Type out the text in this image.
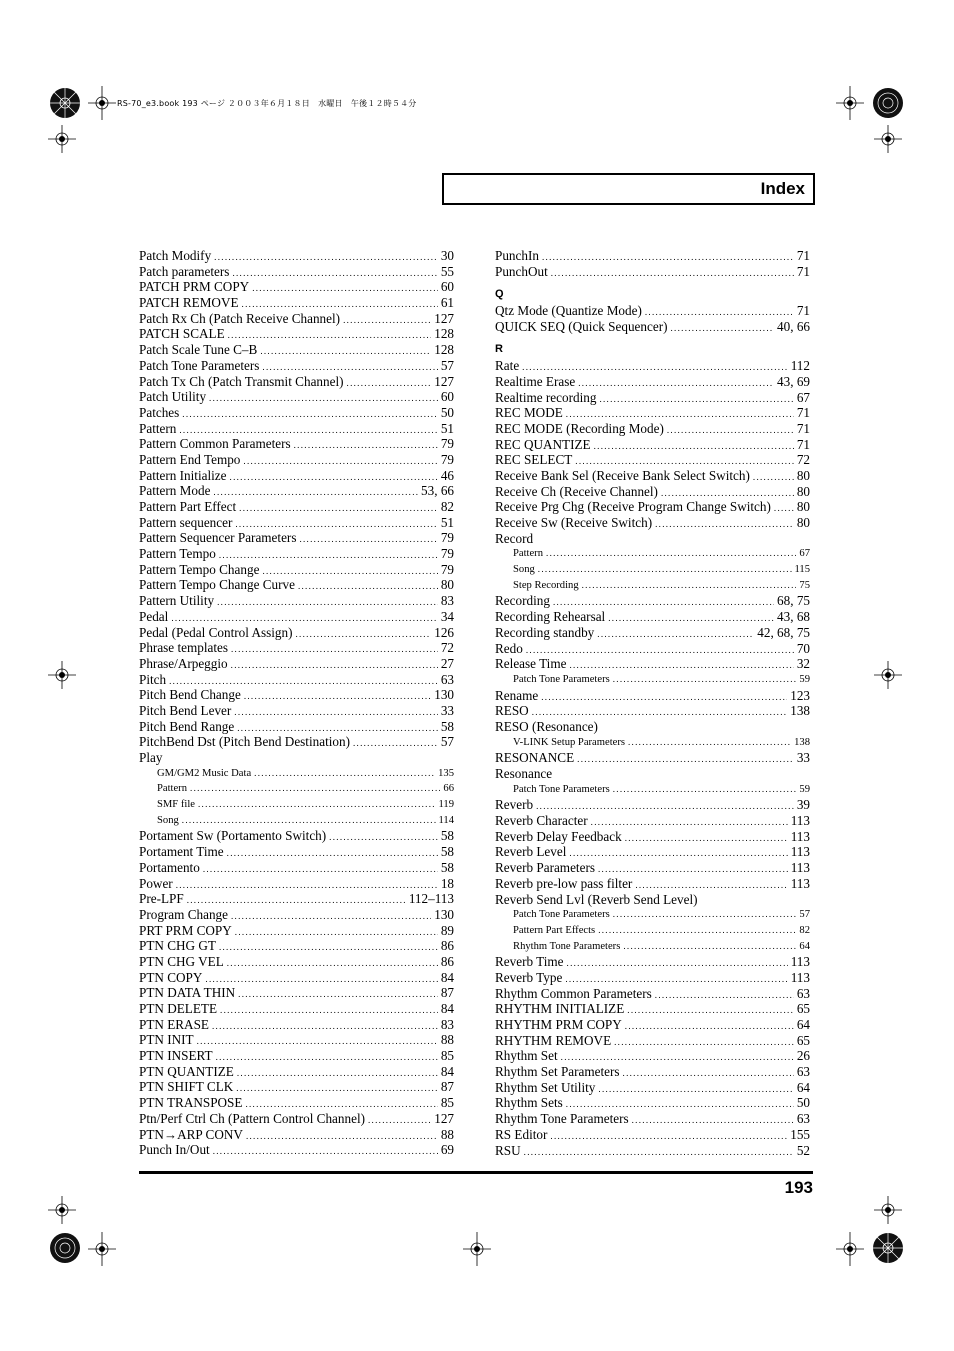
RS-70_e3.book 193 ページ ２００３年６月１８日　水曜日　午後１２時５４分
Index
Patch Modify .....	30
Patch parameters .....	55
PATCH PRM COPY .....	60
PATCH REMOVE .....	61
Patch Rx Ch (Patch Receive Channel) .....	127
PATCH SCALE .....	128
Patch Scale Tune C–B .....	128
Patch Tone Parameters .....	57
Patch Tx Ch (Patch Transmit Channel) .....	127
Patch Utility .....	60
Patches .....	50
Pattern .....	51
Pattern Common Parameters .....	79
Pattern End Tempo .....	79
Pattern Initialize .....	46
Pattern Mode .....	53, 66
Pattern Part Effect .....	82
Pattern sequencer .....	51
Pattern Sequencer Parameters .....	79
Pattern Tempo .....	79
Pattern Tempo Change .....	79
Pattern Tempo Change Curve .....	80
Pattern Utility .....	83
Pedal .....	34
Pedal (Pedal Control Assign) .....	126
Phrase templates .....	72
Phrase/Arpeggio .....	27
Pitch .....	63
Pitch Bend Change .....	130
Pitch Bend Lever .....	33
Pitch Bend Range .....	58
PitchBend Dst (Pitch Bend Destination) .....	57
Play
GM/GM2 Music Data .....	135
Pattern .....	66
SMF file .....	119
Song .....	114
Portament Sw (Portamento Switch) .....	58
Portament Time .....	58
Portamento .....	58
Power .....	18
Pre-LPF .....	112–113
Program Change .....	130
PRT PRM COPY .....	89
PTN CHG GT .....	86
PTN CHG VEL .....	86
PTN COPY .....	84
PTN DATA THIN .....	87
PTN DELETE .....	84
PTN ERASE .....	83
PTN INIT .....	88
PTN INSERT .....	85
PTN QUANTIZE .....	84
PTN SHIFT CLK .....	87
PTN TRANSPOSE .....	85
Ptn/Perf Ctrl Ch (Pattern Control Channel) .....	127
PTN→ARP CONV .....	88
Punch In/Out .....	69
PunchIn .....	71
PunchOut .....	71
Q
Qtz Mode (Quantize Mode) .....	71
QUICK SEQ (Quick Sequencer) .....	40, 66
R
Rate .....	112
Realtime Erase .....	43, 69
Realtime recording .....	67
REC MODE .....	71
REC MODE (Recording Mode) .....	71
REC QUANTIZE .....	71
REC SELECT .....	72
Receive Bank Sel (Receive Bank Select Switch) .....	80
Receive Ch (Receive Channel) .....	80
Receive Prg Chg (Receive Program Change Switch) ..... 80
Receive Sw (Receive Switch) .....	80
Record
Pattern .....	67
Song .....	115
Step Recording .....	75
Recording .....	68, 75
Recording Rehearsal .....	43, 68
Recording standby .....	42, 68, 75
Redo .....	70
Release Time .....	32
Patch Tone Parameters .....	59
Rename .....	123
RESO .....	138
RESO (Resonance)
V-LINK Setup Parameters .....	138
RESONANCE .....	33
Resonance
Patch Tone Parameters .....	59
Reverb .....	39
Reverb Character .....	113
Reverb Delay Feedback .....	113
Reverb Level .....	113
Reverb Parameters .....	113
Reverb pre-low pass filter .....	113
Reverb Send Lvl (Reverb Send Level)
Patch Tone Parameters .....	57
Pattern Part Effects .....	82
Rhythm Tone Parameters .....	64
Reverb Time .....	113
Reverb Type .....	113
Rhythm Common Parameters .....	63
RHYTHM INITIALIZE .....	65
RHYTHM PRM COPY .....	64
RHYTHM REMOVE .....	65
Rhythm Set .....	26
Rhythm Set Parameters .....	63
Rhythm Set Utility .....	64
Rhythm Sets .....	50
Rhythm Tone Parameters .....	63
RS Editor .....	155
RSU .....	52
193
